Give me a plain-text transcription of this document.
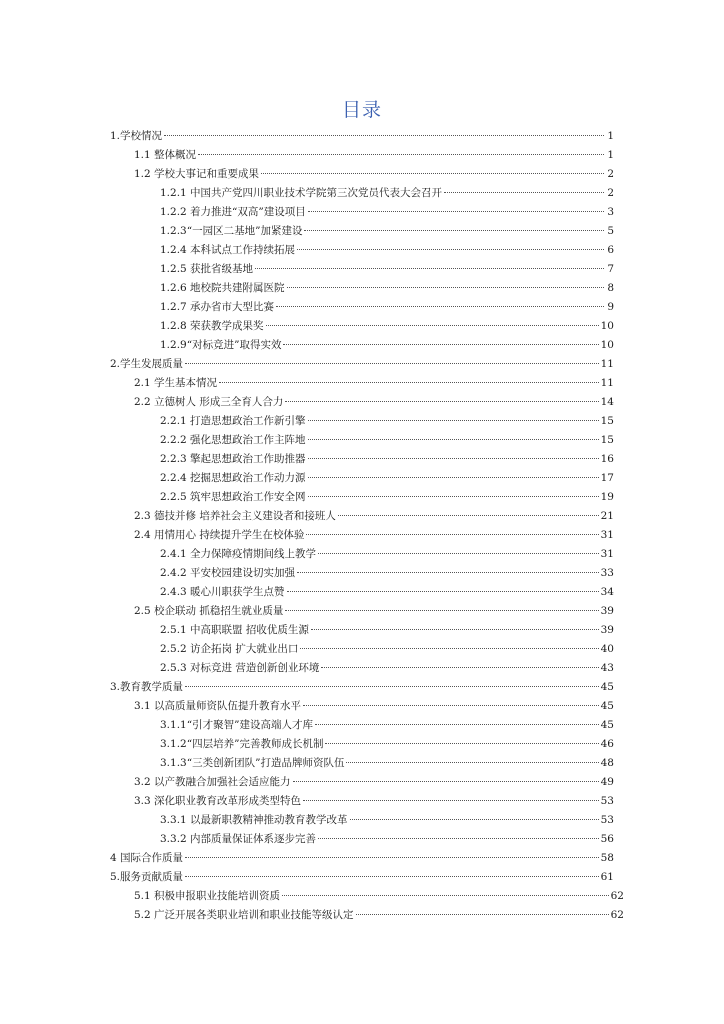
目录
1.学校情况	1
1.1 整体概况	1
1.2 学校大事记和重要成果	2
1.2.1 中国共产党四川职业技术学院第三次党员代表大会召开	2
1.2.2 着力推进“双高”建设项目	3
1.2.3“一园区二基地”加紧建设	5
1.2.4 本科试点工作持续拓展	6
1.2.5 获批省级基地	7
1.2.6 地校院共建附属医院	8
1.2.7 承办省市大型比赛	9
1.2.8 荣获教学成果奖	10
1.2.9“对标竞进”取得实效	10
2.学生发展质量	11
2.1 学生基本情况	11
2.2 立德树人 形成三全育人合力	14
2.2.1 打造思想政治工作新引擎	15
2.2.2 强化思想政治工作主阵地	15
2.2.3 擎起思想政治工作助推器	16
2.2.4 挖掘思想政治工作动力源	17
2.2.5 筑牢思想政治工作安全网	19
2.3 德技并修 培养社会主义建设者和接班人	21
2.4 用情用心 持续提升学生在校体验	31
2.4.1 全力保障疫情期间线上教学	31
2.4.2 平安校园建设切实加强	33
2.4.3 暖心川职获学生点赞	34
2.5 校企联动 抓稳招生就业质量	39
2.5.1 中高职联盟 招收优质生源	39
2.5.2 访企拓岗 扩大就业出口	40
2.5.3 对标竞进 营造创新创业环境	43
3.教育教学质量	45
3.1 以高质量师资队伍提升教育水平	45
3.1.1“引才聚智”建设高端人才库	45
3.1.2“四层培养”完善教师成长机制	46
3.1.3“三类创新团队”打造品牌师资队伍	48
3.2 以产教融合加强社会适应能力	49
3.3 深化职业教育改革形成类型特色	53
3.3.1 以最新职教精神推动教育教学改革	53
3.3.2 内部质量保证体系逐步完善	56
4 国际合作质量	58
5.服务贡献质量	61
5.1 积极申报职业技能培训资质	62
5.2 广泛开展各类职业培训和职业技能等级认定	62
